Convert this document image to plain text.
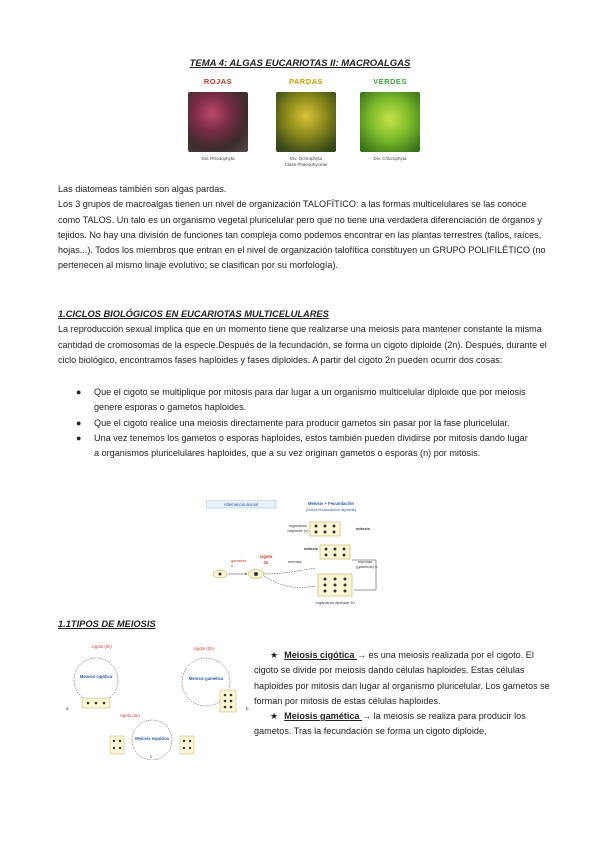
TEMA 4: ALGAS EUCARIOTAS II: MACROALGAS
ROJAS
Div. Rhodophyta
PARDAS
Div. Ochrophyta
Clase Phaeophyceae
VERDES
Div. Chlorophyta

Las diatomeas también son algas pardas.

Los 3 grupos de macroalgas tienen un nivel de organización TALOFÍTICO: a las formas multicelulares se las conoce como TALOS. Un talo es un organismo vegetal pluricelular pero que no tiene una verdadera diferenciación de órganos y tejidos. No hay una división de funciones tan compleja como podemos encontrar en las plantas terrestres (tallos, raíces, hojas...). Todos los miembros que entran en el nivel de organización talofítica constituyen un GRUPO POLIFILÉTICO (no pertenecen al mismo linaje evolutivo; se clasifican por su morfología).

1.CICLOS BIOLÓGICOS EN EUCARIOTAS MULTICELULARES

La reproducción sexual implica que en un momento tiene que realizarse una meiosis para mantener constante la misma cantidad de cromosomas de la especie.Después de la fecundación, se forma un cigoto diploide (2n). Después, durante el ciclo biológico, encontramos fases haploides y fases diploides. A partir del cigoto 2n pueden ocurrir dos cosas:

● Que el cigoto se multiplique por mitosis para dar lugar a un organismo multicelular diploide que por meiosis genere esporas o gametos haploides.
● Que el cigoto realice una meiosis directamente para producir gametos sin pasar por la fase pluricelular.
● Una vez tenemos los gametos o esporas haploides, estos también pueden dividirse por mitosis dando lugar a organismos pluricelulares haploides, que a su vez originan gametos o esporas (n) por mitosis.
Alternancia sexual	Meiosis + Fecundación
(Única fecundación diploide)
organismo
haploide (n)	mitosis
mitosis
cigoto
2n
gametos
n
meiosis	esporas
(gametos) n
organismo diploide 2n

1.1TIPOS DE MEIOSIS

cigoto (2n)
Meiosis cigótica
a
cigoto (2n)
Meiosis gamética
b
cigoto (2n)
Meiosis espórica
c

★ Meiosis cigótica → es una meiosis realizada por el cigoto. El cigoto se divide por meiosis dando células haploides. Estas células haploides por mitosis dan lugar al organismo pluricelular. Los gametos se forman por mitosis de estas células haploides.

★ Meiosis gamética → la meiosis se realiza para producir los gametos. Tras la fecundación se forma un cigoto diploide,
